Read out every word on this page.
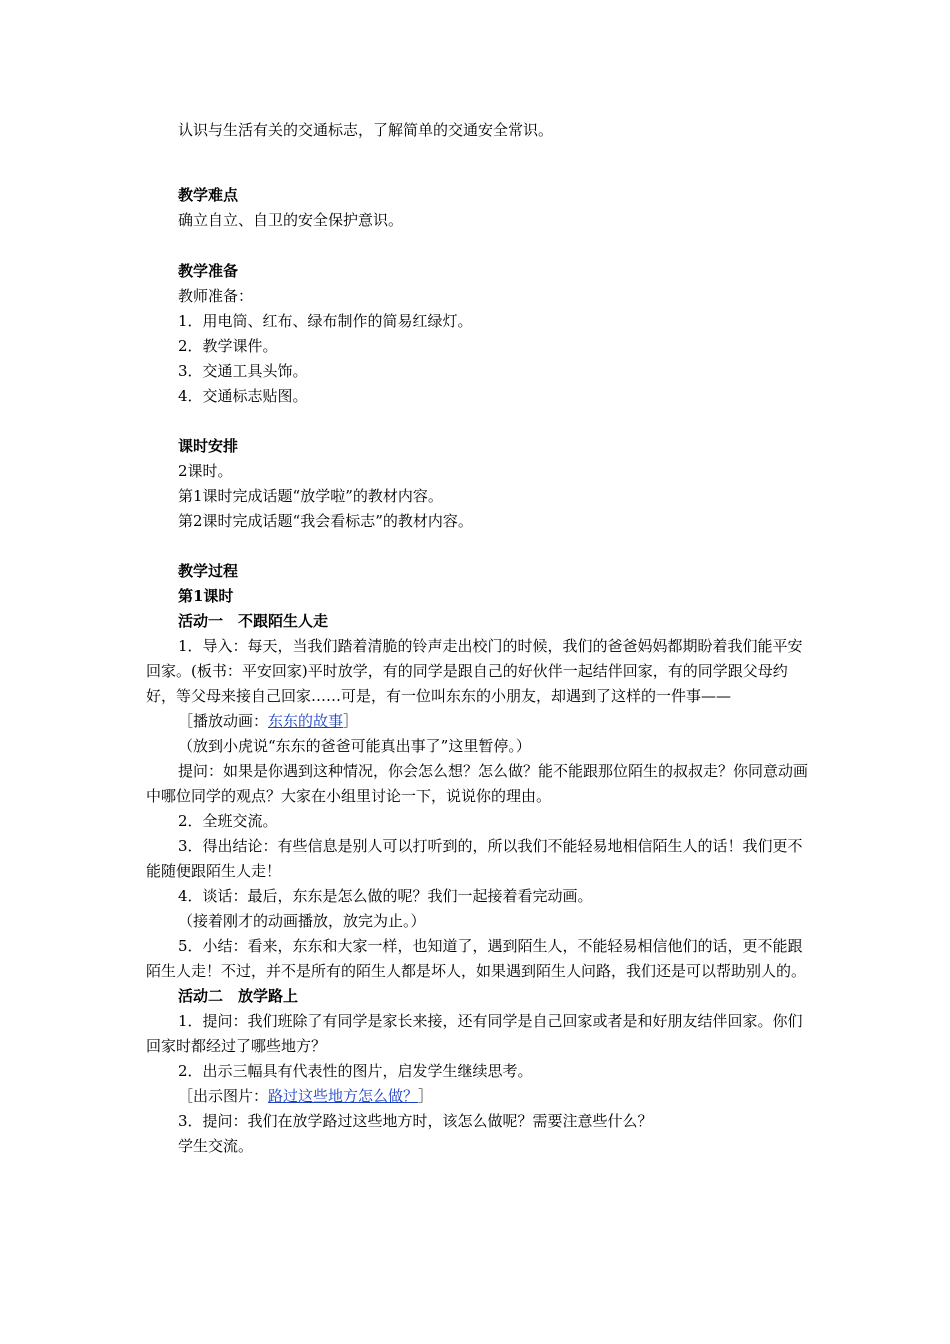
认识与生活有关的交通标志，了解简单的交通安全常识。
教学难点
确立自立、自卫的安全保护意识。
教学准备
教师准备：
1．用电筒、红布、绿布制作的简易红绿灯。
2．教学课件。
3．交通工具头饰。
4．交通标志贴图。
课时安排
2课时。
第1课时完成话题“放学啦”的教材内容。
第2课时完成话题“我会看标志”的教材内容。
教学过程
第1课时
活动一　不跟陌生人走
1．导入：每天，当我们踏着清脆的铃声走出校门的时候，我们的爸爸妈妈都期盼着我们能平安回家。(板书：平安回家)平时放学，有的同学是跟自己的好伙伴一起结伴回家，有的同学跟父母约好，等父母来接自己回家……可是，有一位叫东东的小朋友，却遇到了这样的一件事——
［播放动画：东东的故事］
（放到小虎说“东东的爸爸可能真出事了”这里暂停。）
提问：如果是你遇到这种情况，你会怎么想？怎么做？能不能跟那位陌生的叔叔走？你同意动画中哪位同学的观点？大家在小组里讨论一下，说说你的理由。
2．全班交流。
3．得出结论：有些信息是别人可以打听到的，所以我们不能轻易地相信陌生人的话！我们更不能随便跟陌生人走！
4．谈话：最后，东东是怎么做的呢？我们一起接着看完动画。
（接着刚才的动画播放，放完为止。）
5．小结：看来，东东和大家一样，也知道了，遇到陌生人，不能轻易相信他们的话，更不能跟陌生人走！不过，并不是所有的陌生人都是坏人，如果遇到陌生人问路，我们还是可以帮助别人的。
活动二　放学路上
1．提问：我们班除了有同学是家长来接，还有同学是自己回家或者是和好朋友结伴回家。你们回家时都经过了哪些地方？
2．出示三幅具有代表性的图片，启发学生继续思考。
［出示图片：路过这些地方怎么做？］
3．提问：我们在放学路过这些地方时，该怎么做呢？需要注意些什么？
学生交流。
